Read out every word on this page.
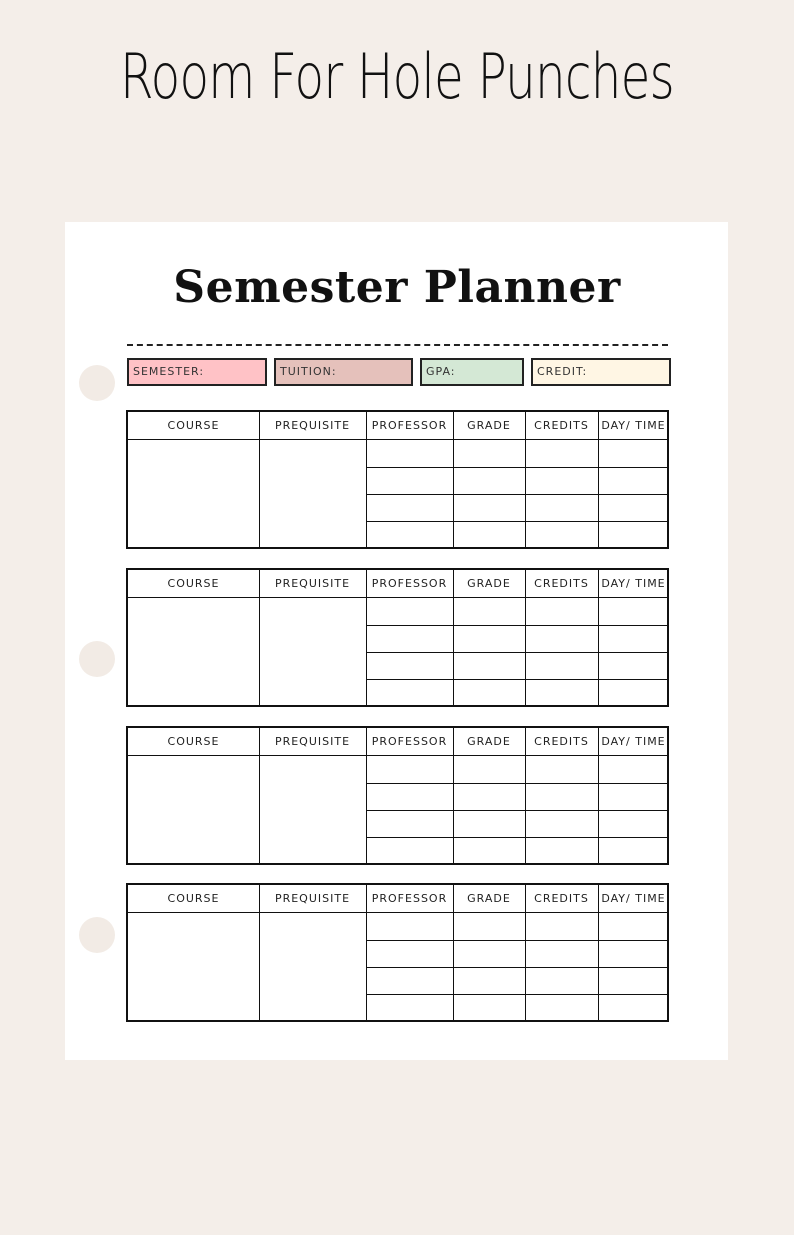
Room For Hole Punches
Semester Planner
SEMESTER:	TUITION:	GPA:	CREDIT:
COURSE	PREQUISITE	PROFESSOR	GRADE	CREDITS	DAY/ TIME
COURSE	PREQUISITE	PROFESSOR	GRADE	CREDITS	DAY/ TIME
COURSE	PREQUISITE	PROFESSOR	GRADE	CREDITS	DAY/ TIME
COURSE	PREQUISITE	PROFESSOR	GRADE	CREDITS	DAY/ TIME
